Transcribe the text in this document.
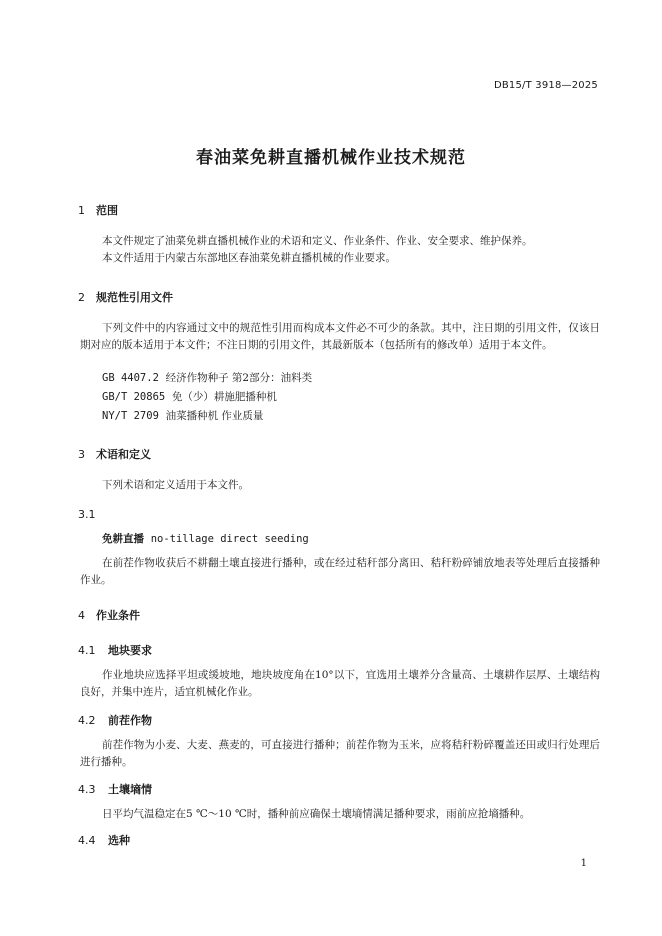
DB15/T 3918—2025
春油菜免耕直播机械作业技术规范
1 范围
本文件规定了油菜免耕直播机械作业的术语和定义、作业条件、作业、安全要求、维护保养。
本文件适用于内蒙古东部地区春油菜免耕直播机械的作业要求。
2 规范性引用文件
下列文件中的内容通过文中的规范性引用而构成本文件必不可少的条款。其中，注日期的引用文件，仅该日期对应的版本适用于本文件；不注日期的引用文件，其最新版本（包括所有的修改单）适用于本文件。
GB 4407.2 经济作物种子 第2部分：油料类
GB/T 20865 免（少）耕施肥播种机
NY/T 2709 油菜播种机 作业质量
3 术语和定义
下列术语和定义适用于本文件。
3.1
免耕直播 no-tillage direct seeding
在前茬作物收获后不耕翻土壤直接进行播种，或在经过秸秆部分离田、秸秆粉碎铺放地表等处理后直接播种作业。
4 作业条件
4.1 地块要求
作业地块应选择平坦或缓坡地，地块坡度角在10°以下，宜选用土壤养分含量高、土壤耕作层厚、土壤结构良好，并集中连片，适宜机械化作业。
4.2 前茬作物
前茬作物为小麦、大麦、燕麦的，可直接进行播种；前茬作物为玉米，应将秸秆粉碎覆盖还田或归行处理后进行播种。
4.3 土壤墒情
日平均气温稳定在5 ℃～10 ℃时，播种前应确保土壤墒情满足播种要求，雨前应抢墒播种。
4.4 选种
1
